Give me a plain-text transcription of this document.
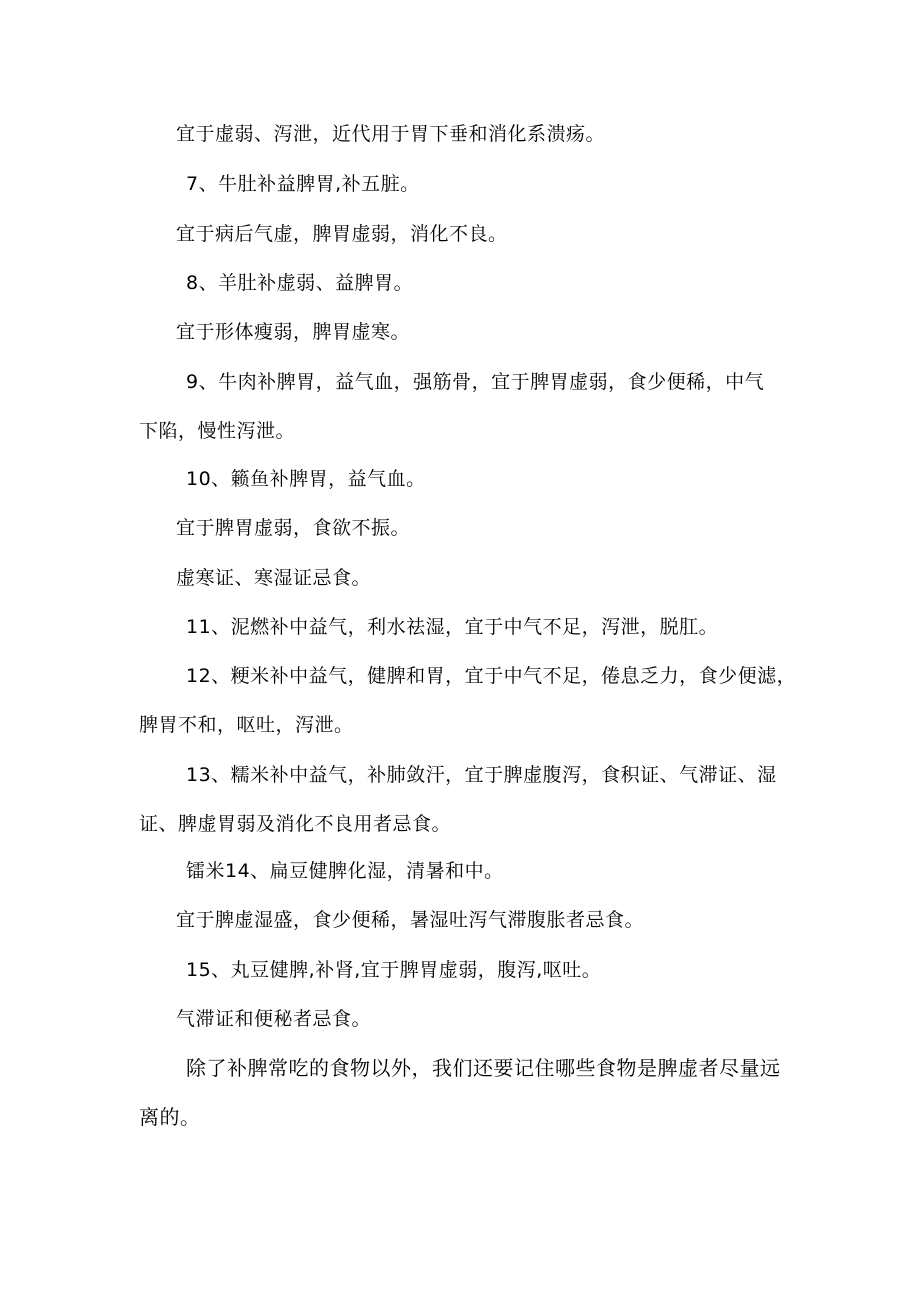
宜于虚弱、泻泄，近代用于胃下垂和消化系溃疡。
7、牛肚补益脾胃,补五脏。
宜于病后气虚，脾胃虚弱，消化不良。
8、羊肚补虚弱、益脾胃。
宜于形体瘦弱，脾胃虚寒。
9、牛肉补脾胃，益气血，强筋骨，宜于脾胃虚弱，食少便稀，中气
下陷，慢性泻泄。
10、籁鱼补脾胃，益气血。
宜于脾胃虚弱，食欲不振。
虚寒证、寒湿证忌食。
11、泥燃补中益气，利水祛湿，宜于中气不足，泻泄，脱肛。
12、粳米补中益气，健脾和胃，宜于中气不足，倦息乏力，食少便滤，
脾胃不和，呕吐，泻泄。
13、糯米补中益气，补肺敛汗，宜于脾虚腹泻，食积证、气滞证、湿
证、脾虚胃弱及消化不良用者忌食。
镭米14、扁豆健脾化湿，清暑和中。
宜于脾虚湿盛，食少便稀，暑湿吐泻气滞腹胀者忌食。
15、丸豆健脾,补肾,宜于脾胃虚弱，腹泻,呕吐。
气滞证和便秘者忌食。
除了补脾常吃的食物以外，我们还要记住哪些食物是脾虚者尽量远
离的。
